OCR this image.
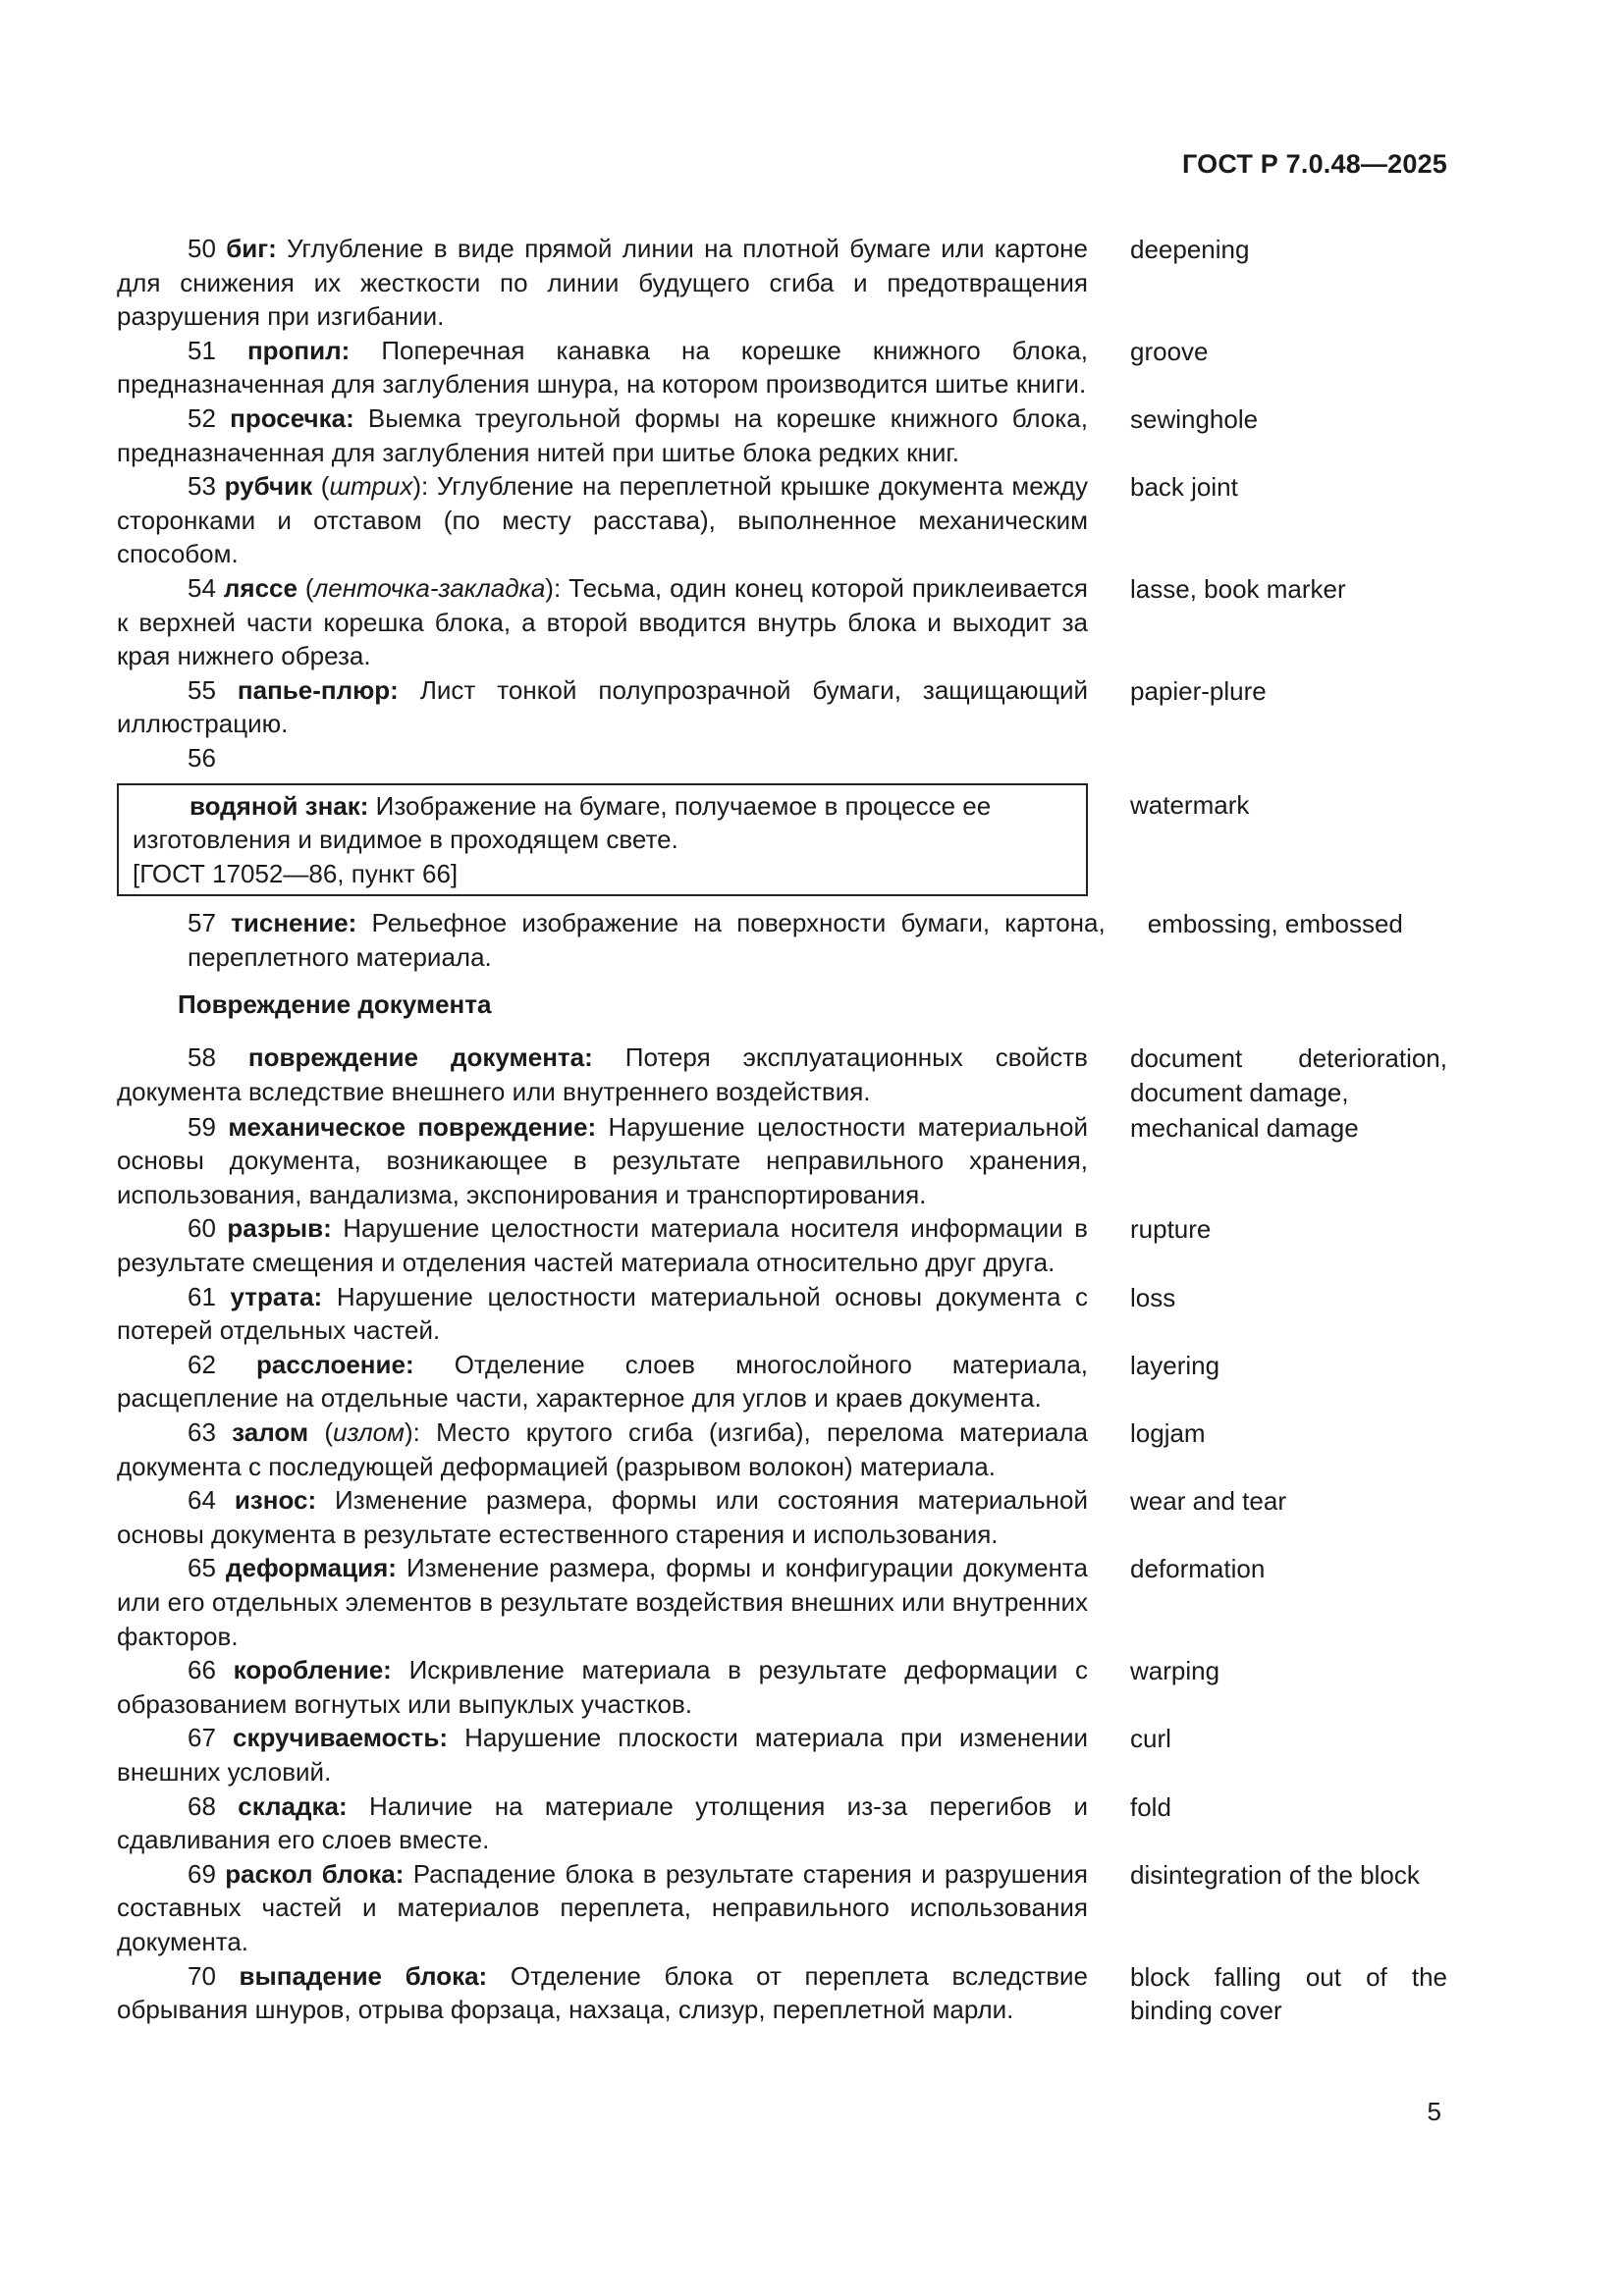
ГОСТ Р 7.0.48—2025
50 биг: Углубление в виде прямой линии на плотной бумаге или картоне для снижения их жесткости по линии будущего сгиба и предотвращения разрушения при изгибании.
deepening
51 пропил: Поперечная канавка на корешке книжного блока, предназначенная для заглубления шнура, на котором производится шитье книги.
groove
52 просечка: Выемка треугольной формы на корешке книжного блока, предназначенная для заглубления нитей при шитье блока редких книг.
sewinghole
53 рубчик (штрих): Углубление на переплетной крышке документа между сторонками и отставом (по месту расстава), выполненное механическим способом.
back joint
54 ляссе (ленточка-закладка): Тесьма, один конец которой приклеивается к верхней части корешка блока, а второй вводится внутрь блока и выходит за края нижнего обреза.
lasse, book marker
55 папье-плюр: Лист тонкой полупрозрачной бумаги, защищающий иллюстрацию.
papier-plure
56
водяной знак: Изображение на бумаге, получаемое в процессе ее изготовления и видимое в проходящем свете.
[ГОСТ 17052—86, пункт 66]
watermark
57 тиснение: Рельефное изображение на поверхности бумаги, картона, переплетного материала.
embossing, embossed
Повреждение документа
58 повреждение документа: Потеря эксплуатационных свойств документа вследствие внешнего или внутреннего воздействия.
document deterioration, document damage,
59 механическое повреждение: Нарушение целостности материальной основы документа, возникающее в результате неправильного хранения, использования, вандализма, экспонирования и транспортирования.
mechanical damage
60 разрыв: Нарушение целостности материала носителя информации в результате смещения и отделения частей материала относительно друг друга.
rupture
61 утрата: Нарушение целостности материальной основы документа с потерей отдельных частей.
loss
62 расслоение: Отделение слоев многослойного материала, расщепление на отдельные части, характерное для углов и краев документа.
layering
63 залом (излом): Место крутого сгиба (изгиба), перелома материала документа с последующей деформацией (разрывом волокон) материала.
logjam
64 износ: Изменение размера, формы или состояния материальной основы документа в результате естественного старения и использования.
wear and tear
65 деформация: Изменение размера, формы и конфигурации документа или его отдельных элементов в результате воздействия внешних или внутренних факторов.
deformation
66 коробление: Искривление материала в результате деформации с образованием вогнутых или выпуклых участков.
warping
67 скручиваемость: Нарушение плоскости материала при изменении внешних условий.
curl
68 складка: Наличие на материале утолщения из-за перегибов и сдавливания его слоев вместе.
fold
69 раскол блока: Распадение блока в результате старения и разрушения составных частей и материалов переплета, неправильного использования документа.
disintegration of the block
70 выпадение блока: Отделение блока от переплета вследствие обрывания шнуров, отрыва форзаца, нахзаца, слизур, переплетной марли.
block falling out of the binding cover
5
